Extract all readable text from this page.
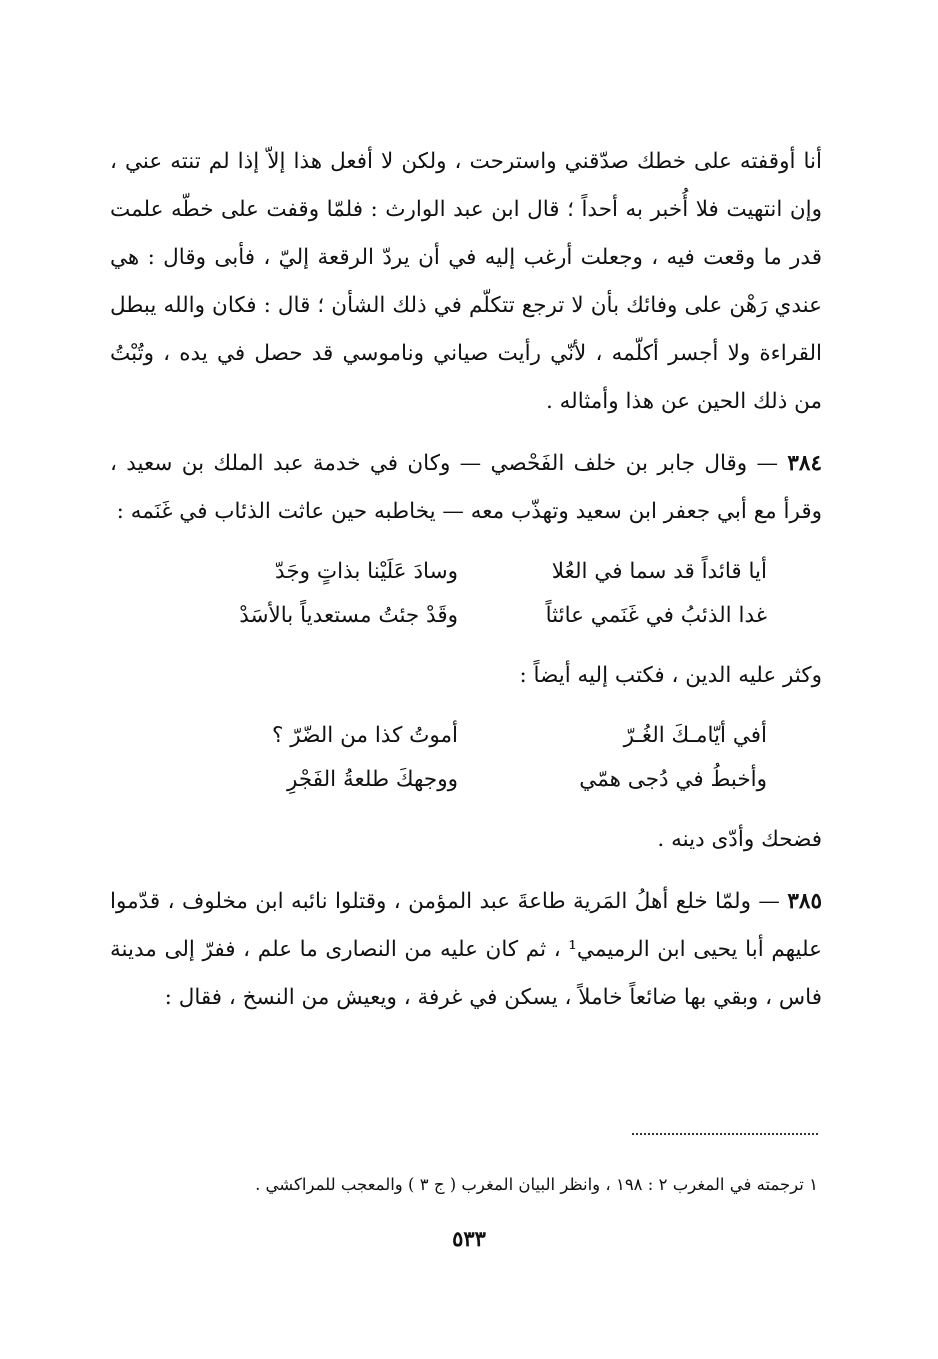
أنا أوقفته على خطك صدّقني واسترحت ، ولكن لا أفعل هذا إلاّ إذا لم تنته عني ، وإن انتهيت فلا أُخبر به أحداً ؛ قال ابن عبد الوارث : فلمّا وقفت على خطّه علمت قدر ما وقعت فيه ، وجعلت أرغب إليه في أن يردّ الرقعة إليّ ، فأبى وقال : هي عندي رَهْن على وفائك بأن لا ترجع تتكلّم في ذلك الشأن ؛ قال : فكان والله يبطل القراءة ولا أجسر أكلّمه ، لأنّي رأيت صياني وناموسي قد حصل في يده ، وتُبْتُ من ذلك الحين عن هذا وأمثاله .

٣٨٤ — وقال جابر بن خلف الفَحْصي — وكان في خدمة عبد الملك بن سعيد ، وقرأ مع أبي جعفر ابن سعيد وتهذّب معه — يخاطبه حين عاثت الذئاب في غَنَمه :

أيا قائداً قد سما في العُلا
وسادَ عَلَيْنا بذاتٍ وجَدّ
غدا الذئبُ في غَنَمي عائثاً
وقَدْ جئتُ مستعدياً بالأسَدْ

وكثر عليه الدين ، فكتب إليه أيضاً :

أفي أيّامـكَ الغُـرّ
أموتُ كذا من الضّرّ ؟
وأخبطُ في دُجى همّي
ووجهكَ طلعةُ الفَجْرِ

فضحك وأدّى دينه .

٣٨٥ — ولمّا خلع أهلُ المَرية طاعةَ عبد المؤمن ، وقتلوا نائبه ابن مخلوف ، قدّموا عليهم أبا يحيى ابن الرميمي¹ ، ثم كان عليه من النصارى ما علم ، ففرّ إلى مدينة فاس ، وبقي بها ضائعاً خاملاً ، يسكن في غرفة ، ويعيش من النسخ ، فقال :

١ ترجمته في المغرب ٢ : ١٩٨ ، وانظر البيان المغرب ( ج ٣ ) والمعجب للمراكشي .
٥٣٣
